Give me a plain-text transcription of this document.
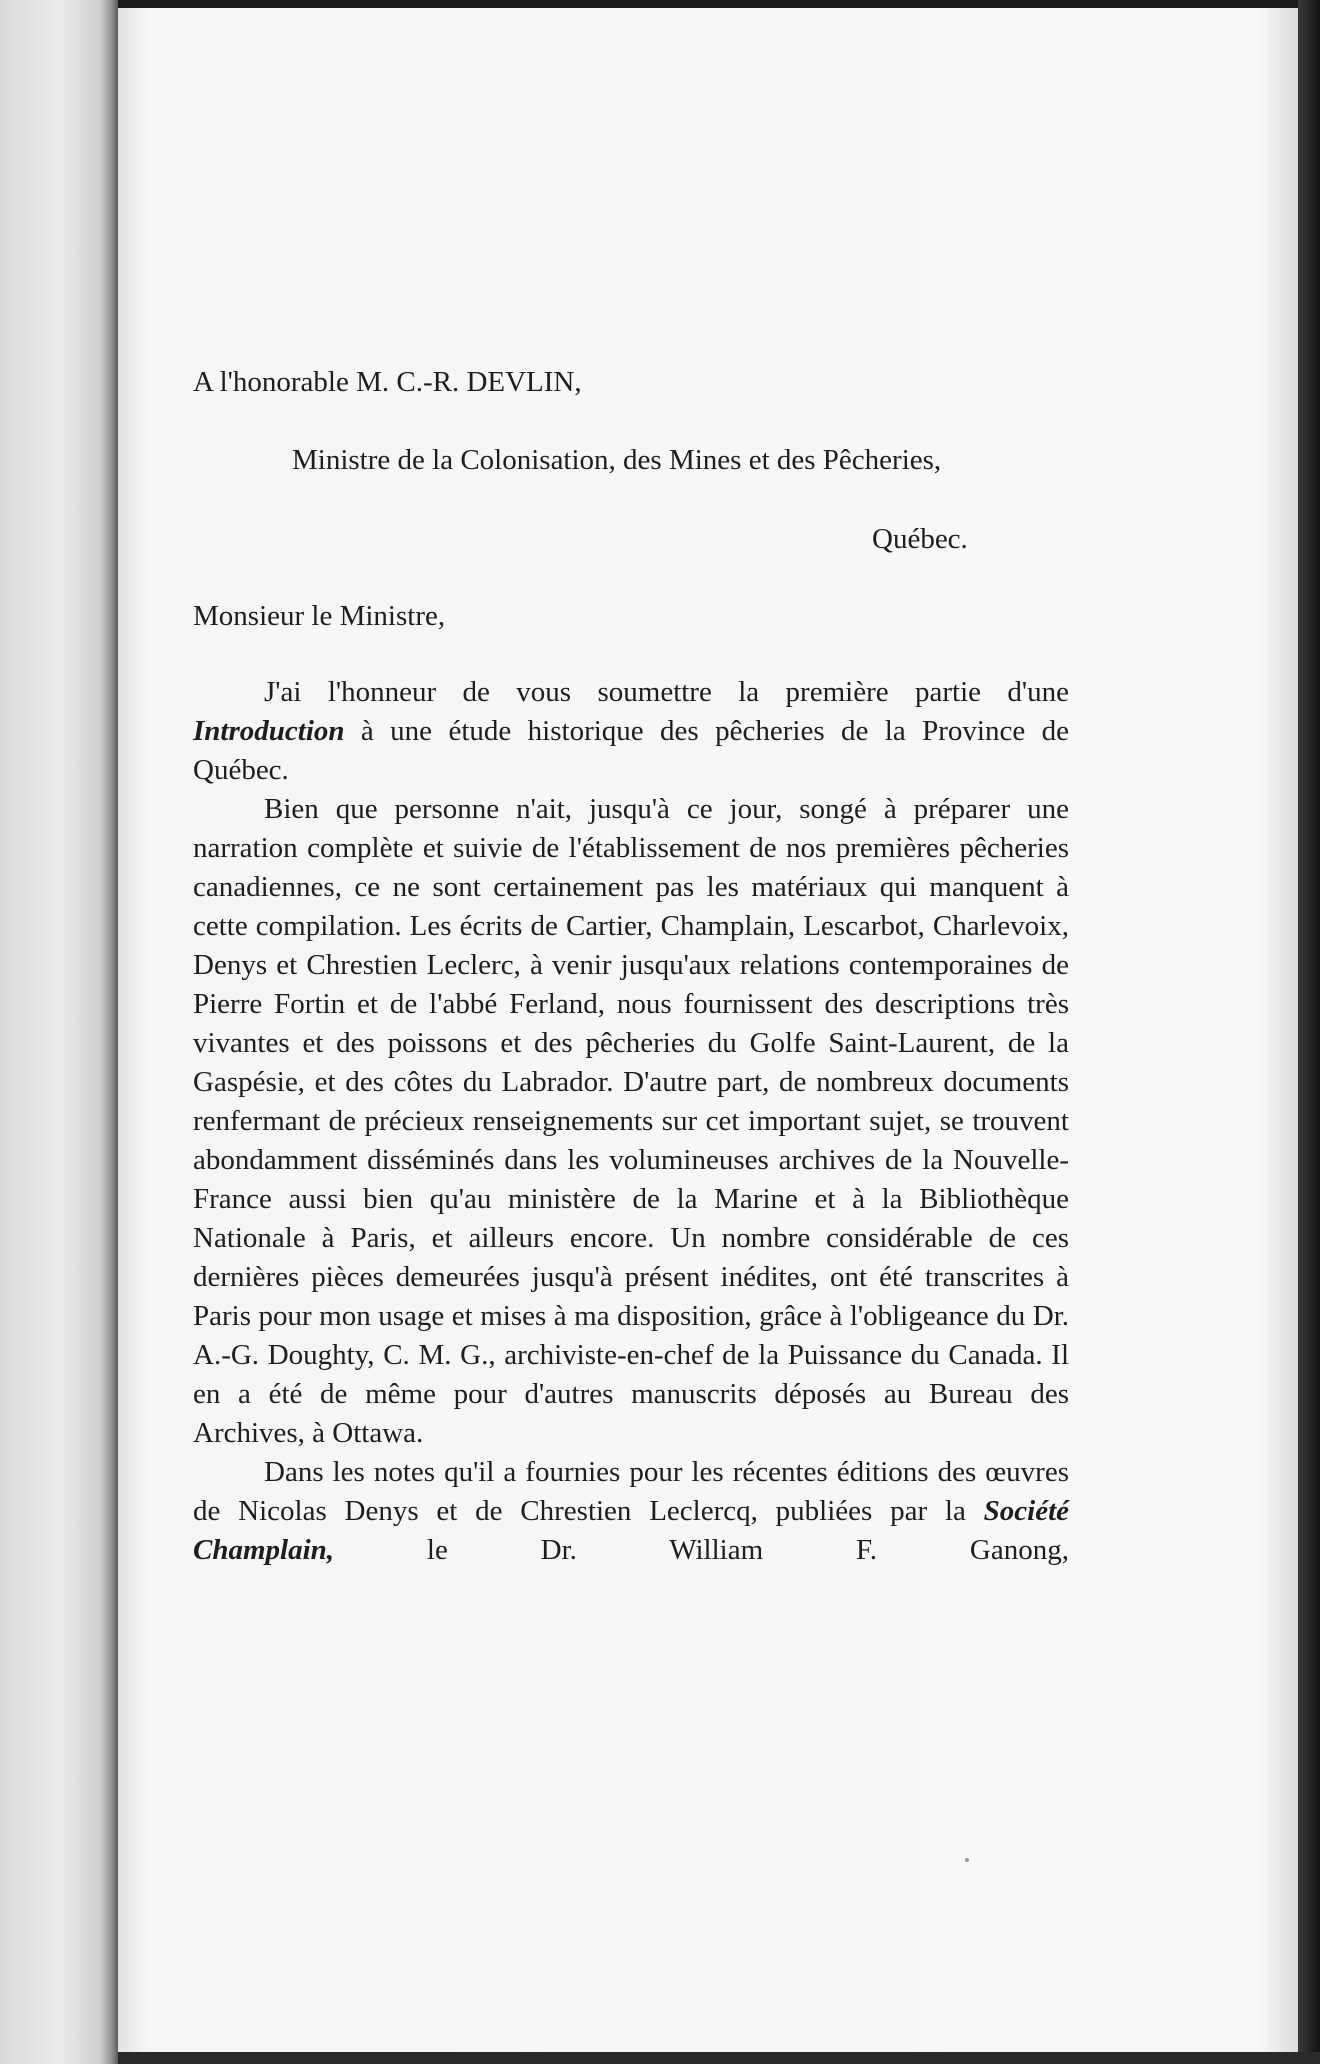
A l'honorable M. C.-R. DEVLIN,
Ministre de la Colonisation, des Mines et des Pêcheries,
Québec.
Monsieur le Ministre,

J'ai l'honneur de vous soumettre la première partie d'une Introduction à une étude historique des pêcheries de la Province de Québec.

Bien que personne n'ait, jusqu'à ce jour, songé à préparer une narration complète et suivie de l'établissement de nos premières pêcheries canadiennes, ce ne sont certainement pas les matériaux qui manquent à cette compilation. Les écrits de Cartier, Champlain, Lescarbot, Charlevoix, Denys et Chrestien Leclerc, à venir jusqu'aux relations contemporaines de Pierre Fortin et de l'abbé Ferland, nous fournissent des descriptions très vivantes et des poissons et des pêcheries du Golfe Saint-Laurent, de la Gaspésie, et des côtes du Labrador. D'autre part, de nombreux documents renfermant de précieux renseignements sur cet important sujet, se trouvent abondamment disséminés dans les volumineuses archives de la Nouvelle-France aussi bien qu'au ministère de la Marine et à la Bibliothèque Nationale à Paris, et ailleurs encore. Un nombre considérable de ces dernières pièces demeurées jusqu'à présent inédites, ont été transcrites à Paris pour mon usage et mises à ma disposition, grâce à l'obligeance du Dr. A.-G. Doughty, C. M. G., archiviste-en-chef de la Puissance du Canada. Il en a été de même pour d'autres manuscrits déposés au Bureau des Archives, à Ottawa.

Dans les notes qu'il a fournies pour les récentes éditions des œuvres de Nicolas Denys et de Chrestien Leclercq, publiées par la Société Champlain, le Dr. William F. Ganong,
